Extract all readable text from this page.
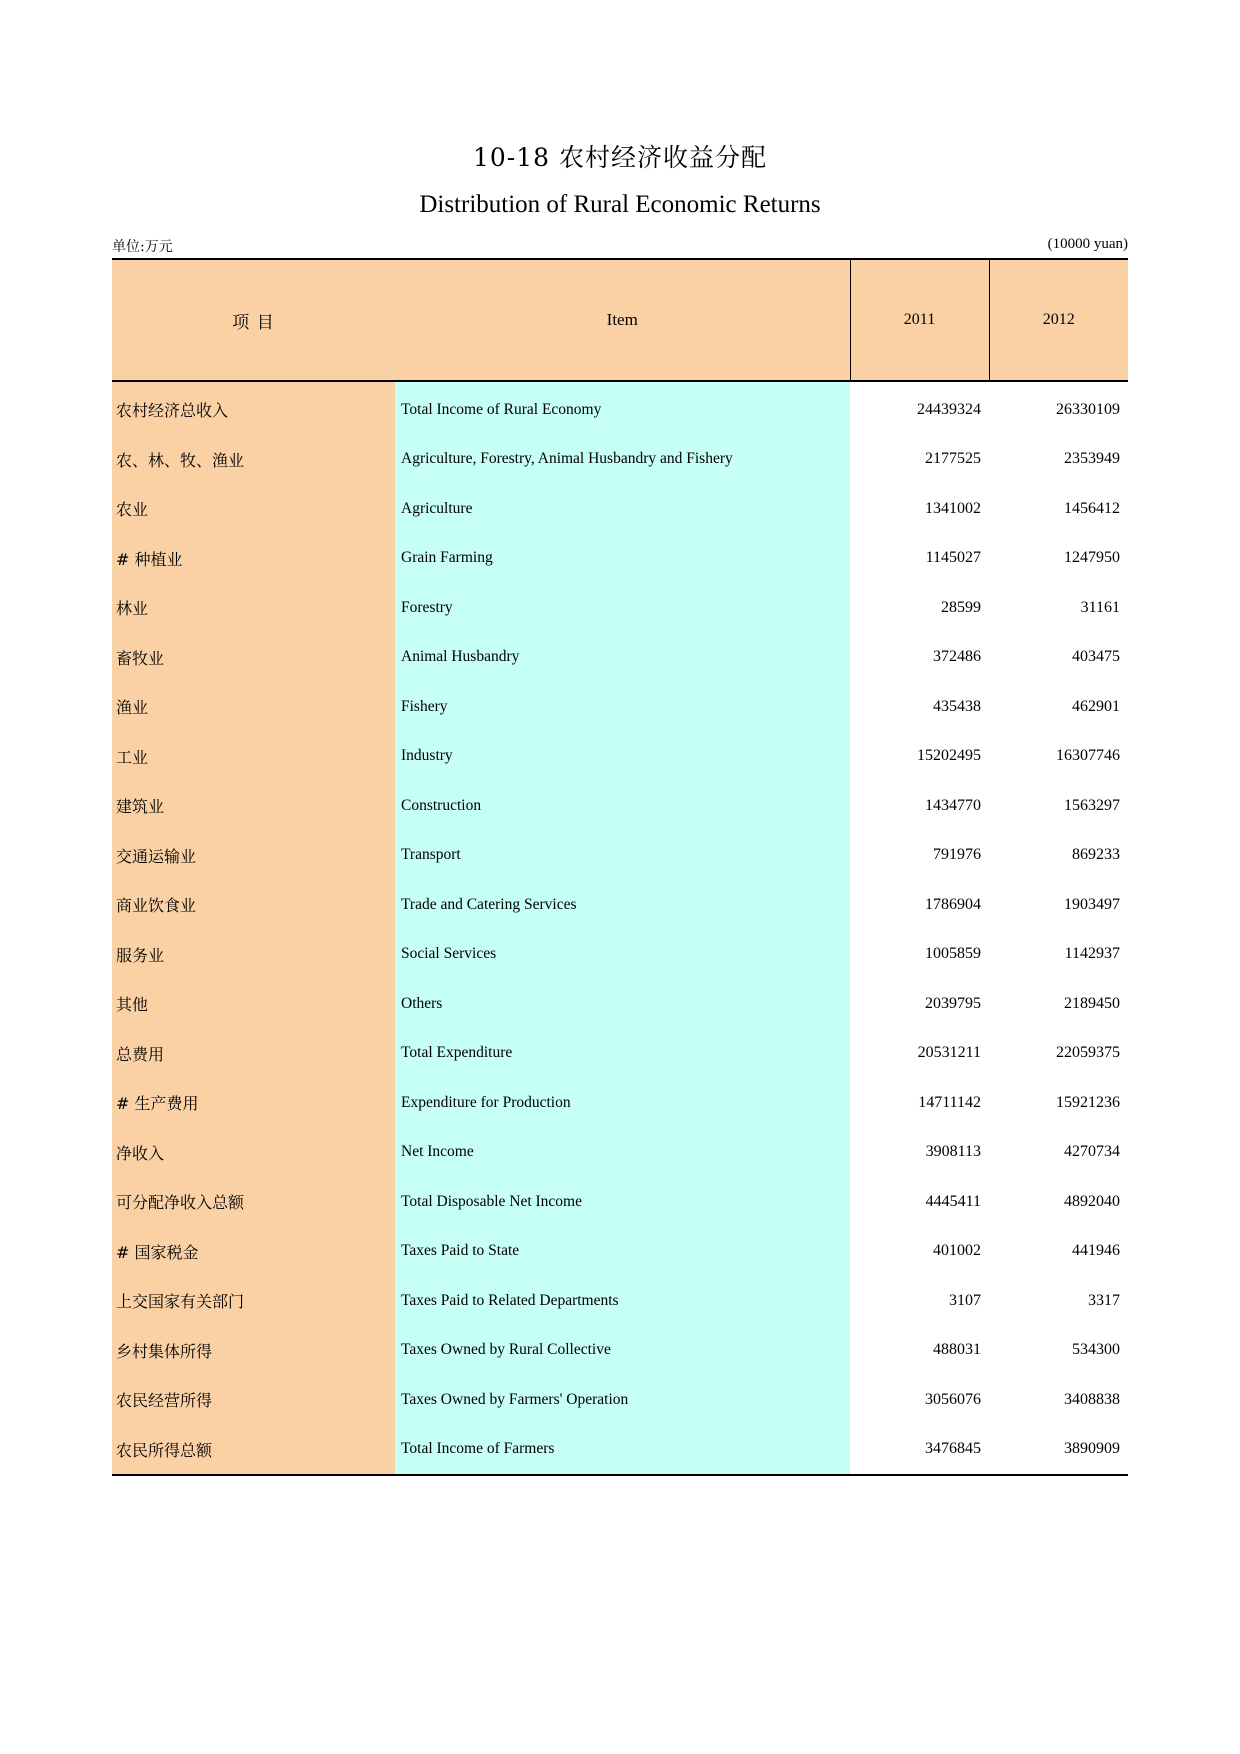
10-18 农村经济收益分配
Distribution of Rural Economic Returns
单位:万元	(10000 yuan)
项 目	Item	2011	2012
农村经济总收入	Total Income of Rural Economy	24439324	26330109
农、林、牧、渔业	Agriculture, Forestry, Animal Husbandry and Fishery	2177525	2353949
农业	Agriculture	1341002	1456412
# 种植业	Grain Farming	1145027	1247950
林业	Forestry	28599	31161
畜牧业	Animal Husbandry	372486	403475
渔业	Fishery	435438	462901
工业	Industry	15202495	16307746
建筑业	Construction	1434770	1563297
交通运输业	Transport	791976	869233
商业饮食业	Trade and Catering Services	1786904	1903497
服务业	Social Services	1005859	1142937
其他	Others	2039795	2189450
总费用	Total Expenditure	20531211	22059375
# 生产费用	Expenditure for Production	14711142	15921236
净收入	Net Income	3908113	4270734
可分配净收入总额	Total Disposable Net Income	4445411	4892040
# 国家税金	Taxes Paid to State	401002	441946
上交国家有关部门	Taxes Paid to Related Departments	3107	3317
乡村集体所得	Taxes Owned by Rural Collective	488031	534300
农民经营所得	Taxes Owned by Farmers' Operation	3056076	3408838
农民所得总额	Total Income of Farmers	3476845	3890909
